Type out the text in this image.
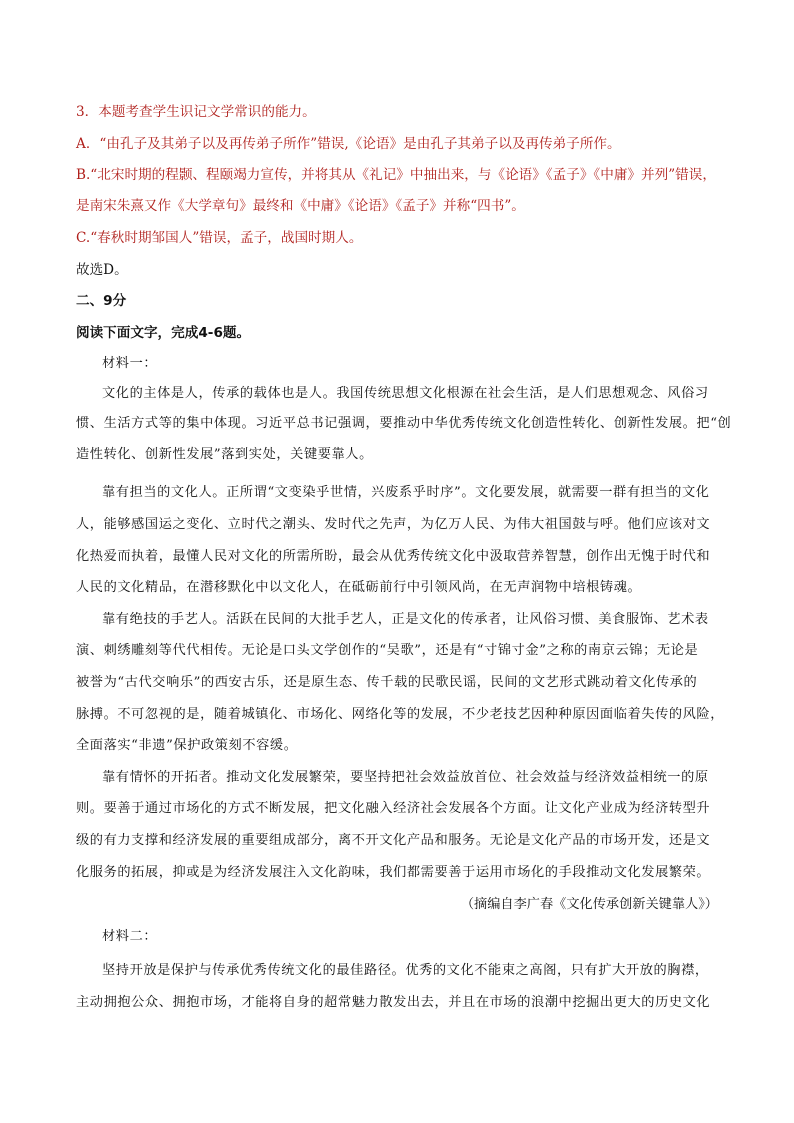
3．本题考查学生识记文学常识的能力。
A．“由孔子及其弟子以及再传弟子所作”错误,《论语》是由孔子其弟子以及再传弟子所作。
B.“北宋时期的程颢、程颐竭力宣传，并将其从《礼记》中抽出来，与《论语》《孟子》《中庸》并列”错误，
是南宋朱熹又作《大学章句》最终和《中庸》《论语》《孟子》并称“四书”。
C.“春秋时期邹国人”错误，孟子，战国时期人。
故选D。
二、9分
阅读下面文字，完成4-6题。
材料一：
文化的主体是人，传承的载体也是人。我国传统思想文化根源在社会生活，是人们思想观念、风俗习
惯、生活方式等的集中体现。习近平总书记强调，要推动中华优秀传统文化创造性转化、创新性发展。把“创
造性转化、创新性发展”落到实处，关键要靠人。
靠有担当的文化人。正所谓“文变染乎世情，兴废系乎时序”。文化要发展，就需要一群有担当的文化
人，能够感国运之变化、立时代之潮头、发时代之先声，为亿万人民、为伟大祖国鼓与呼。他们应该对文
化热爱而执着，最懂人民对文化的所需所盼，最会从优秀传统文化中汲取营养智慧，创作出无愧于时代和
人民的文化精品，在潜移默化中以文化人，在砥砺前行中引领风尚，在无声润物中培根铸魂。
靠有绝技的手艺人。活跃在民间的大批手艺人，正是文化的传承者，让风俗习惯、美食服饰、艺术表
演、刺绣雕刻等代代相传。无论是口头文学创作的“吴歌”，还是有“寸锦寸金”之称的南京云锦；无论是
被誉为“古代交响乐”的西安古乐，还是原生态、传千载的民歌民谣，民间的文艺形式跳动着文化传承的
脉搏。不可忽视的是，随着城镇化、市场化、网络化等的发展，不少老技艺因种种原因面临着失传的风险，
全面落实“非遗”保护政策刻不容缓。
靠有情怀的开拓者。推动文化发展繁荣，要坚持把社会效益放首位、社会效益与经济效益相统一的原
则。要善于通过市场化的方式不断发展，把文化融入经济社会发展各个方面。让文化产业成为经济转型升
级的有力支撑和经济发展的重要组成部分，离不开文化产品和服务。无论是文化产品的市场开发，还是文
化服务的拓展，抑或是为经济发展注入文化韵味，我们都需要善于运用市场化的手段推动文化发展繁荣。
（摘编自李广春《文化传承创新关键靠人》）
材料二：
坚持开放是保护与传承优秀传统文化的最佳路径。优秀的文化不能束之高阁，只有扩大开放的胸襟，
主动拥抱公众、拥抱市场，才能将自身的超常魅力散发出去，并且在市场的浪潮中挖掘出更大的历史文化
